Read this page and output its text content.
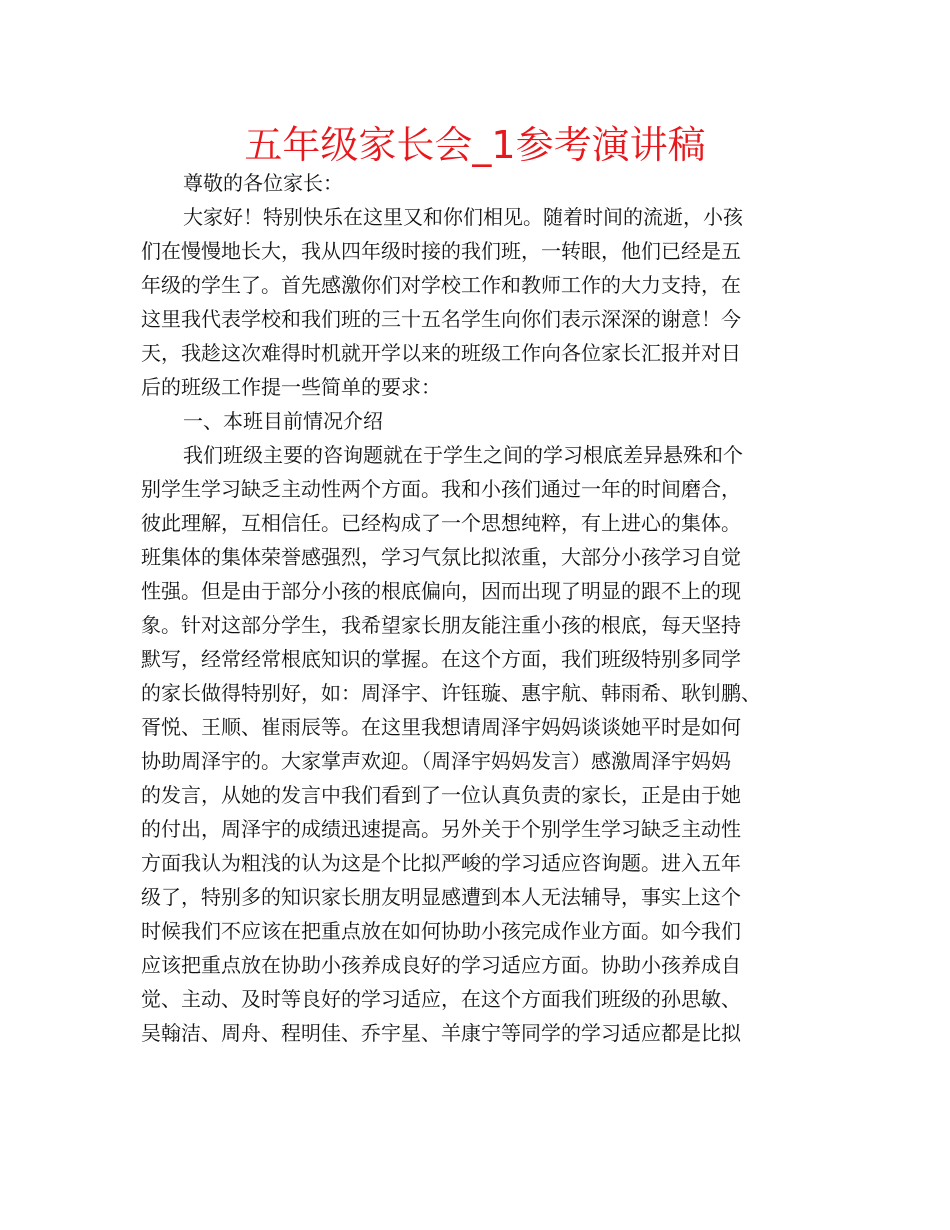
五年级家长会_1参考演讲稿
尊敬的各位家长：
大家好！特别快乐在这里又和你们相见。随着时间的流逝，小孩
们在慢慢地长大，我从四年级时接的我们班，一转眼，他们已经是五
年级的学生了。首先感激你们对学校工作和教师工作的大力支持，在
这里我代表学校和我们班的三十五名学生向你们表示深深的谢意！今
天，我趁这次难得时机就开学以来的班级工作向各位家长汇报并对日
后的班级工作提一些简单的要求：
一、本班目前情况介绍
我们班级主要的咨询题就在于学生之间的学习根底差异悬殊和个
别学生学习缺乏主动性两个方面。我和小孩们通过一年的时间磨合，
彼此理解，互相信任。已经构成了一个思想纯粹，有上进心的集体。
班集体的集体荣誉感强烈，学习气氛比拟浓重，大部分小孩学习自觉
性强。但是由于部分小孩的根底偏向，因而出现了明显的跟不上的现
象。针对这部分学生，我希望家长朋友能注重小孩的根底，每天坚持
默写，经常经常根底知识的掌握。在这个方面，我们班级特别多同学
的家长做得特别好，如：周泽宇、许钰璇、惠宇航、韩雨希、耿钊鹏、
胥悦、王顺、崔雨辰等。在这里我想请周泽宇妈妈谈谈她平时是如何
协助周泽宇的。大家掌声欢迎。（周泽宇妈妈发言）感激周泽宇妈妈
的发言，从她的发言中我们看到了一位认真负责的家长，正是由于她
的付出，周泽宇的成绩迅速提高。另外关于个别学生学习缺乏主动性
方面我认为粗浅的认为这是个比拟严峻的学习适应咨询题。进入五年
级了，特别多的知识家长朋友明显感遭到本人无法辅导，事实上这个
时候我们不应该在把重点放在如何协助小孩完成作业方面。如今我们
应该把重点放在协助小孩养成良好的学习适应方面。协助小孩养成自
觉、主动、及时等良好的学习适应，在这个方面我们班级的孙思敏、
吴翰洁、周舟、程明佳、乔宇星、羊康宁等同学的学习适应都是比拟
